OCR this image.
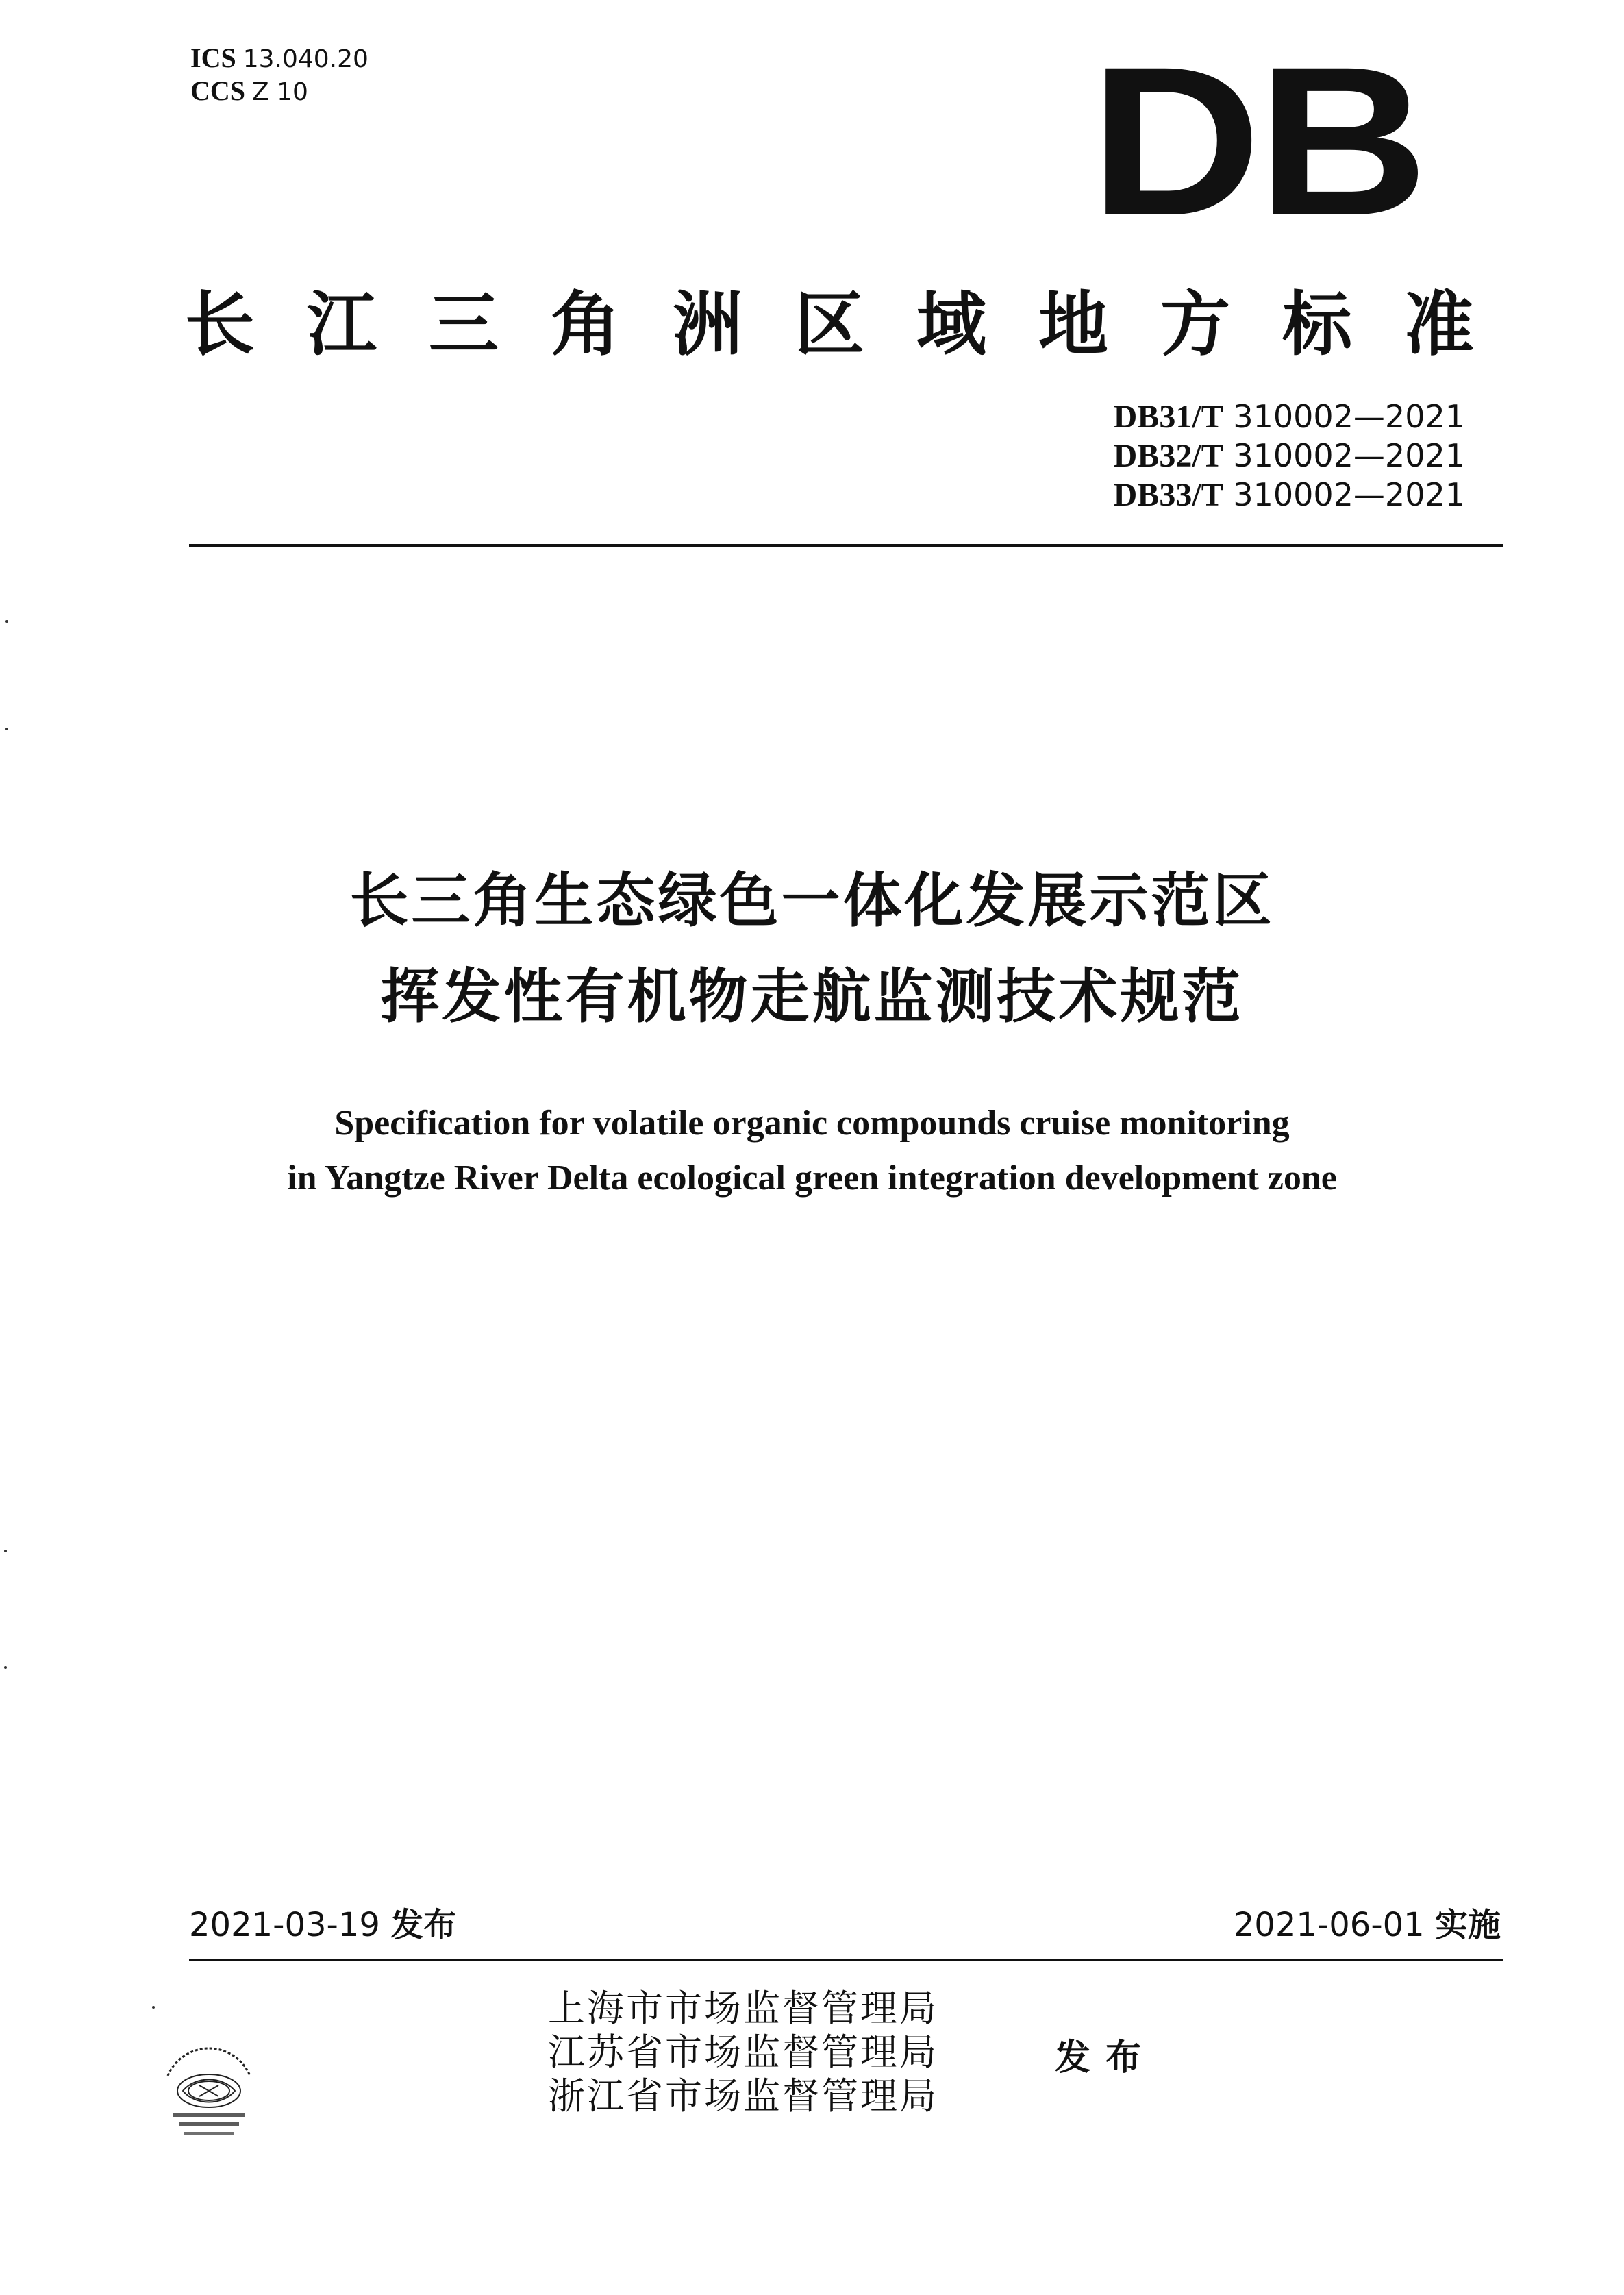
ICS 13.040.20
CCS Z 10	DB
长江三角洲区域地方标准
DB31/T 310002—2021
DB32/T 310002—2021
DB33/T 310002—2021
长三角生态绿色一体化发展示范区
挥发性有机物走航监测技术规范
Specification for volatile organic compounds cruise monitoring
in Yangtze River Delta ecological green integration development zone
2021-03-19 发布	2021-06-01 实施
上海市市场监督管理局
江苏省市场监督管理局
浙江省市场监督管理局
发布
